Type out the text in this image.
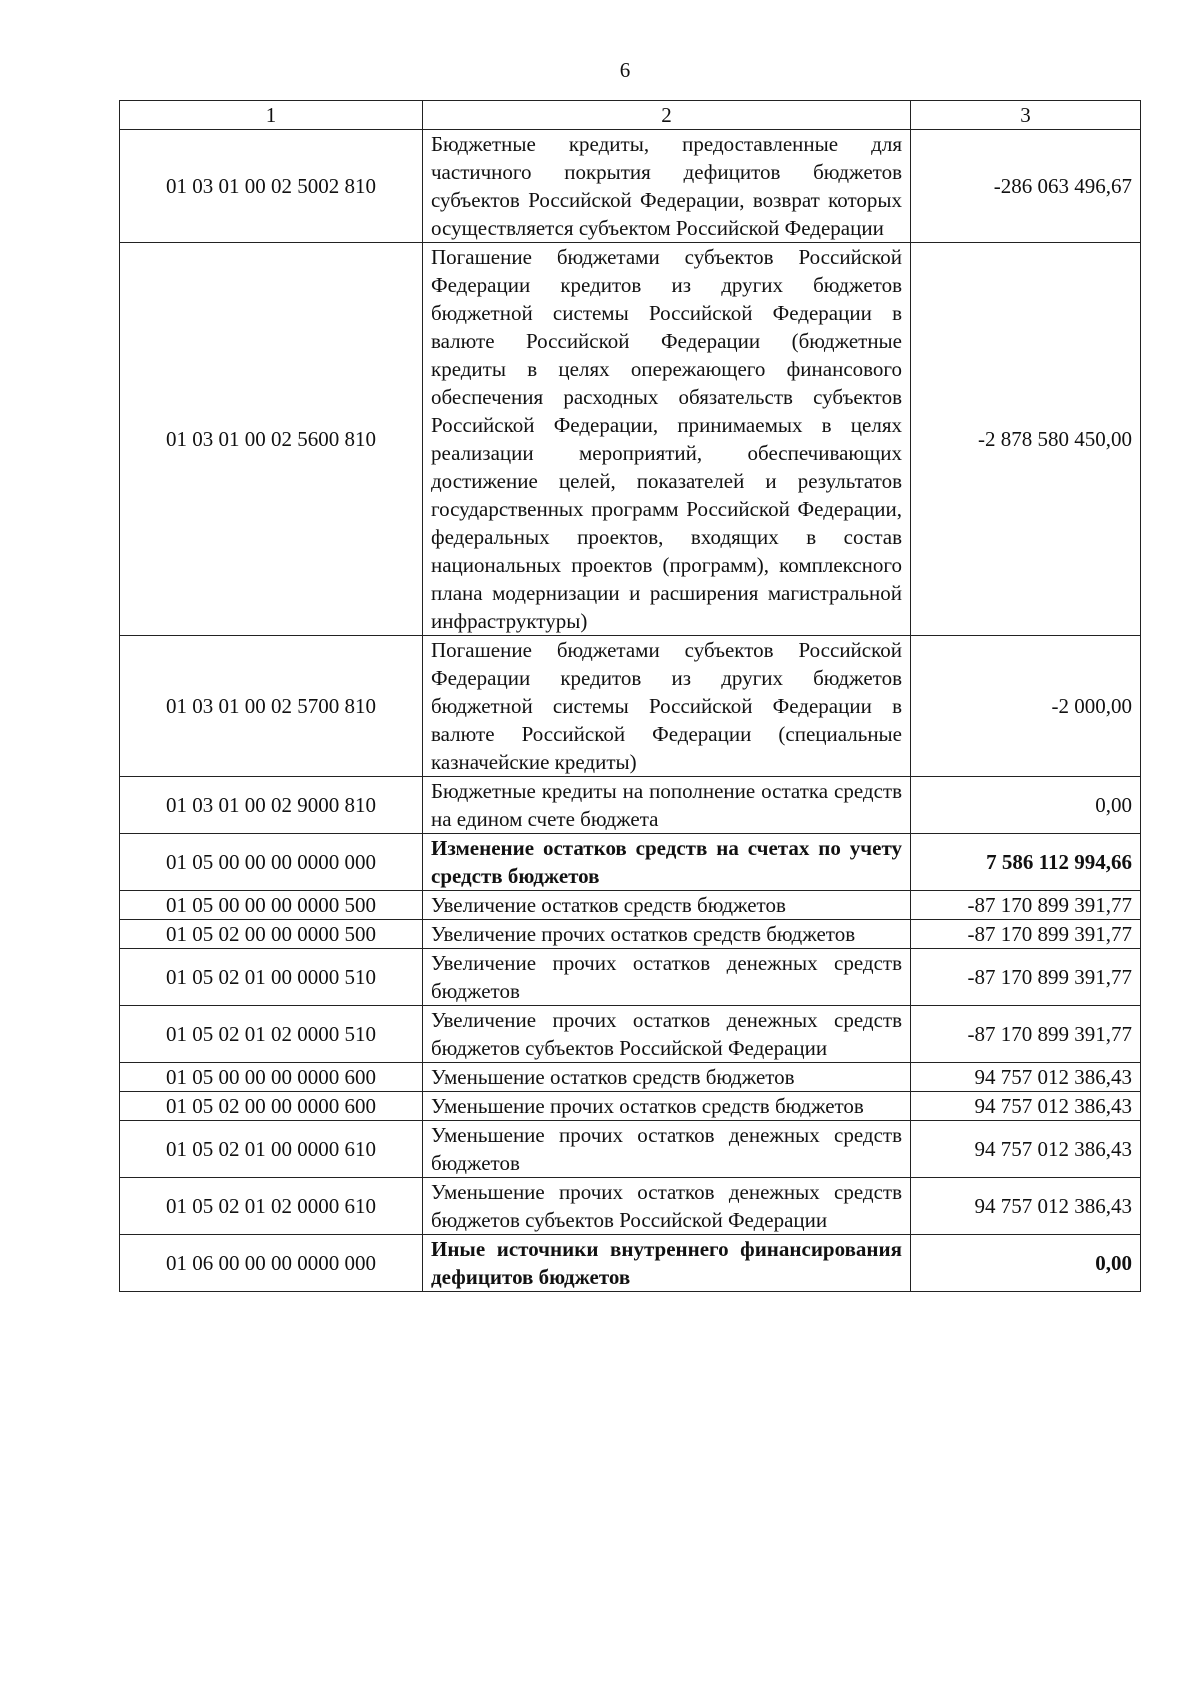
6
1	2	3
01 03 01 00 02 5002 810	Бюджетные кредиты, предоставленные для частичного покрытия дефицитов бюджетов субъектов Российской Федерации, возврат которых осуществляется субъектом Российской Федерации	-286 063 496,67
01 03 01 00 02 5600 810	Погашение бюджетами субъектов Российской Федерации кредитов из других бюджетов бюджетной системы Российской Федерации в валюте Российской Федерации (бюджетные кредиты в целях опережающего финансового обеспечения расходных обязательств субъектов Российской Федерации, принимаемых в целях реализации мероприятий, обеспечивающих достижение целей, показателей и результатов государственных программ Российской Федерации, федеральных проектов, входящих в состав национальных проектов (программ), комплексного плана модернизации и расширения магистральной инфраструктуры)	-2 878 580 450,00
01 03 01 00 02 5700 810	Погашение бюджетами субъектов Российской Федерации кредитов из других бюджетов бюджетной системы Российской Федерации в валюте Российской Федерации (специальные казначейские кредиты)	-2 000,00
01 03 01 00 02 9000 810	Бюджетные кредиты на пополнение остатка средств на едином счете бюджета	0,00
01 05 00 00 00 0000 000	Изменение остатков средств на счетах по учету средств бюджетов	7 586 112 994,66
01 05 00 00 00 0000 500	Увеличение остатков средств бюджетов	-87 170 899 391,77
01 05 02 00 00 0000 500	Увеличение прочих остатков средств бюджетов	-87 170 899 391,77
01 05 02 01 00 0000 510	Увеличение прочих остатков денежных средств бюджетов	-87 170 899 391,77
01 05 02 01 02 0000 510	Увеличение прочих остатков денежных средств бюджетов субъектов Российской Федерации	-87 170 899 391,77
01 05 00 00 00 0000 600	Уменьшение остатков средств бюджетов	94 757 012 386,43
01 05 02 00 00 0000 600	Уменьшение прочих остатков средств бюджетов	94 757 012 386,43
01 05 02 01 00 0000 610	Уменьшение прочих остатков денежных средств бюджетов	94 757 012 386,43
01 05 02 01 02 0000 610	Уменьшение прочих остатков денежных средств бюджетов субъектов Российской Федерации	94 757 012 386,43
01 06 00 00 00 0000 000	Иные источники внутреннего финансирования дефицитов бюджетов	0,00
